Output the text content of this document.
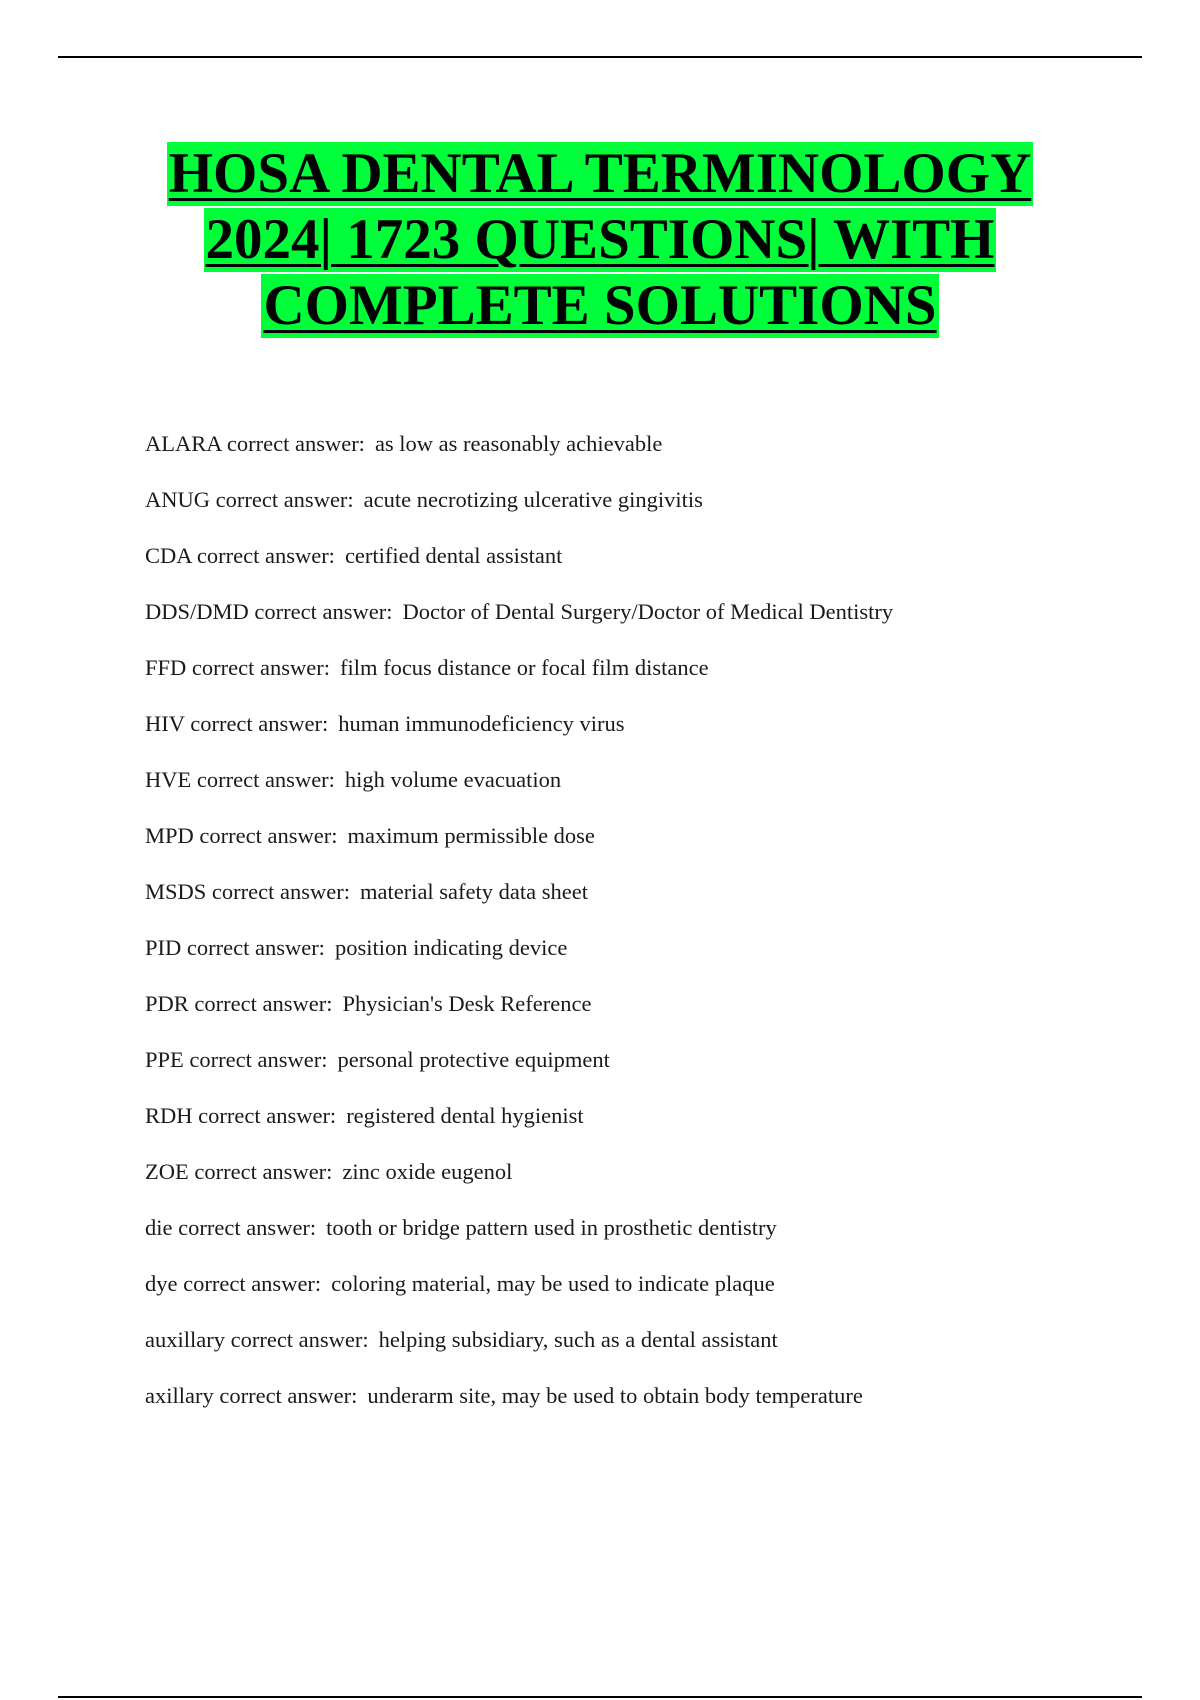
HOSA DENTAL TERMINOLOGY
2024| 1723 QUESTIONS| WITH
COMPLETE SOLUTIONS
ALARA correct answer: as low as reasonably achievable
ANUG correct answer: acute necrotizing ulcerative gingivitis
CDA correct answer: certified dental assistant
DDS/DMD correct answer: Doctor of Dental Surgery/Doctor of Medical Dentistry
FFD correct answer: film focus distance or focal film distance
HIV correct answer: human immunodeficiency virus
HVE correct answer: high volume evacuation
MPD correct answer: maximum permissible dose
MSDS correct answer: material safety data sheet
PID correct answer: position indicating device
PDR correct answer: Physician's Desk Reference
PPE correct answer: personal protective equipment
RDH correct answer: registered dental hygienist
ZOE correct answer: zinc oxide eugenol
die correct answer: tooth or bridge pattern used in prosthetic dentistry
dye correct answer: coloring material, may be used to indicate plaque
auxillary correct answer: helping subsidiary, such as a dental assistant
axillary correct answer: underarm site, may be used to obtain body temperature
